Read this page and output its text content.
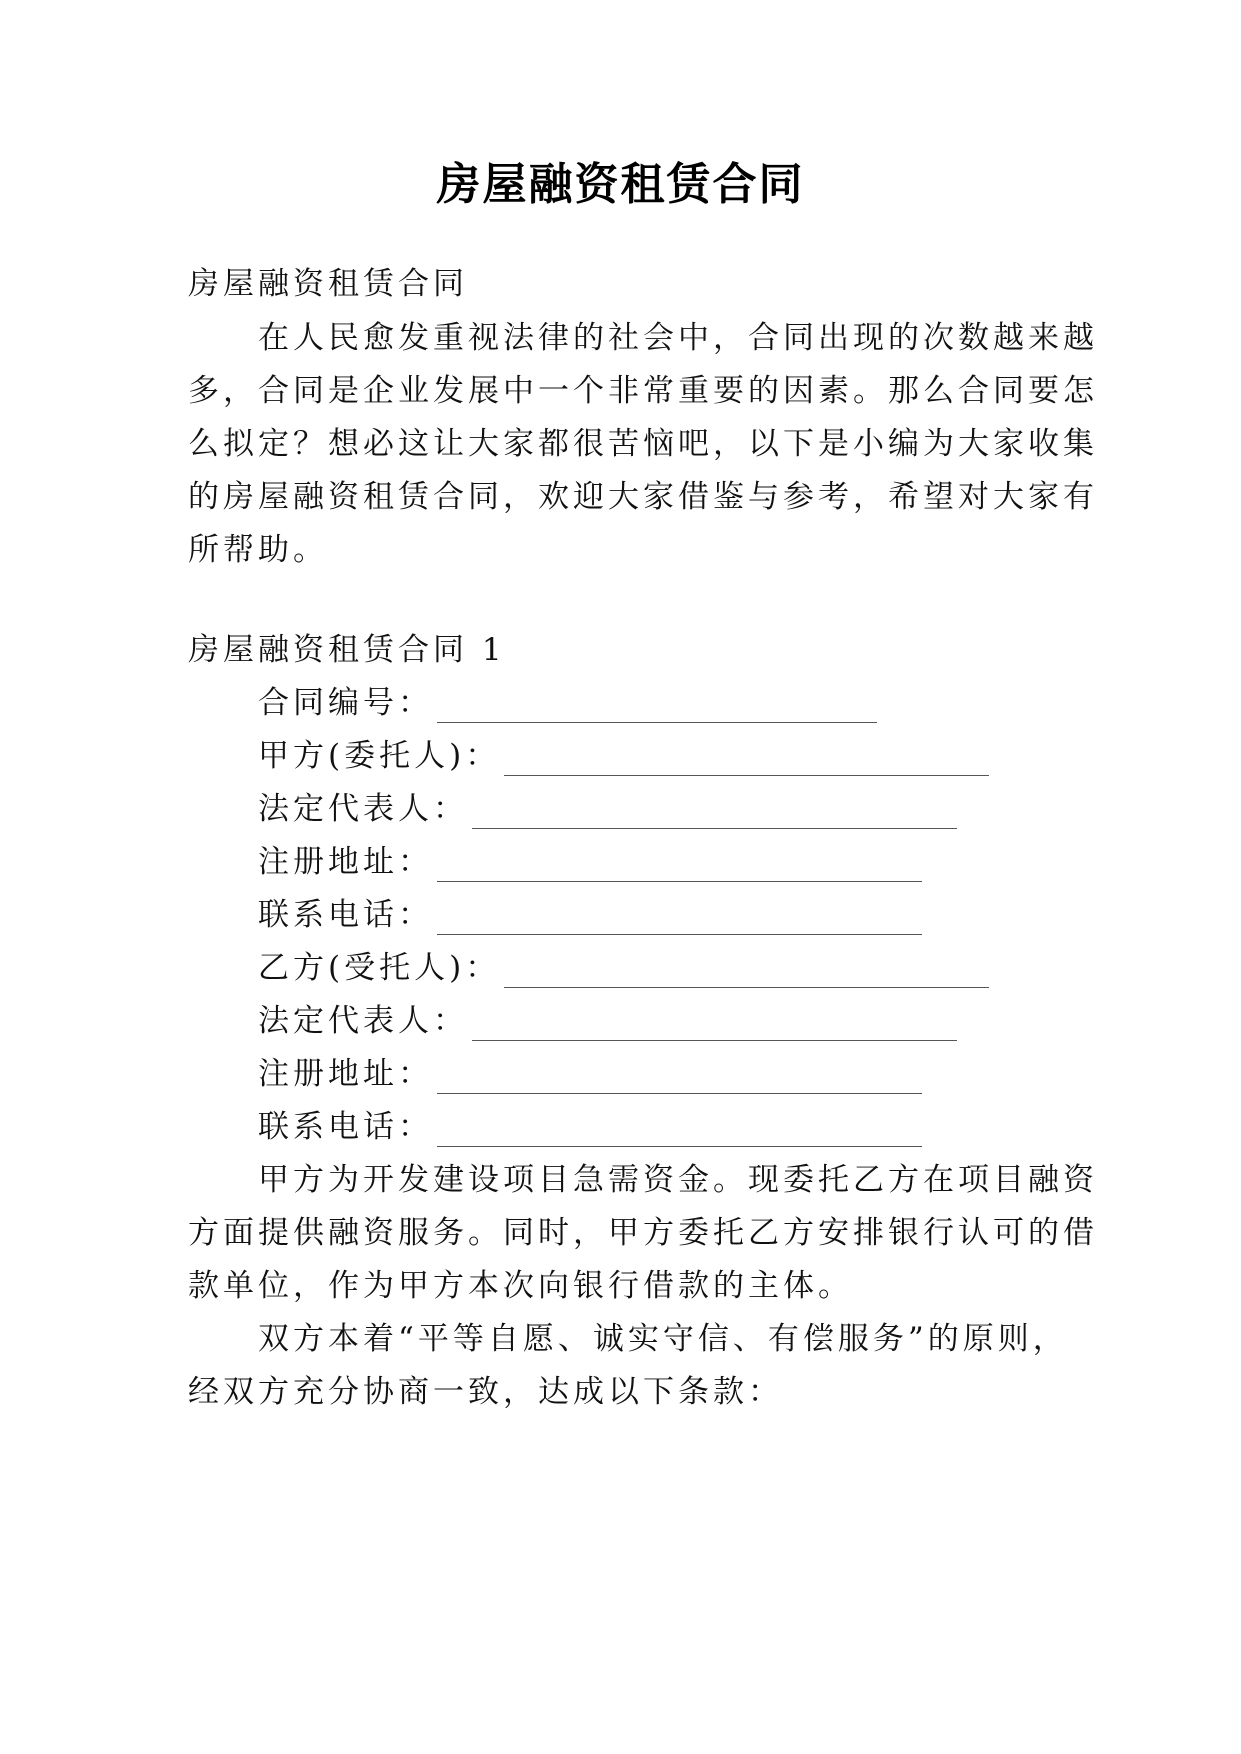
房屋融资租赁合同
房屋融资租赁合同
在人民愈发重视法律的社会中，合同出现的次数越来越
多，合同是企业发展中一个非常重要的因素。那么合同要怎
么拟定？想必这让大家都很苦恼吧，以下是小编为大家收集
的房屋融资租赁合同，欢迎大家借鉴与参考，希望对大家有
所帮助。
房屋融资租赁合同 1
合同编号：
甲方(委托人)：
法定代表人：
注册地址：
联系电话：
乙方(受托人)：
法定代表人：
注册地址：
联系电话：
甲方为开发建设项目急需资金。现委托乙方在项目融资
方面提供融资服务。同时，甲方委托乙方安排银行认可的借
款单位，作为甲方本次向银行借款的主体。
双方本着“平等自愿、诚实守信、有偿服务”的原则，
经双方充分协商一致，达成以下条款：
